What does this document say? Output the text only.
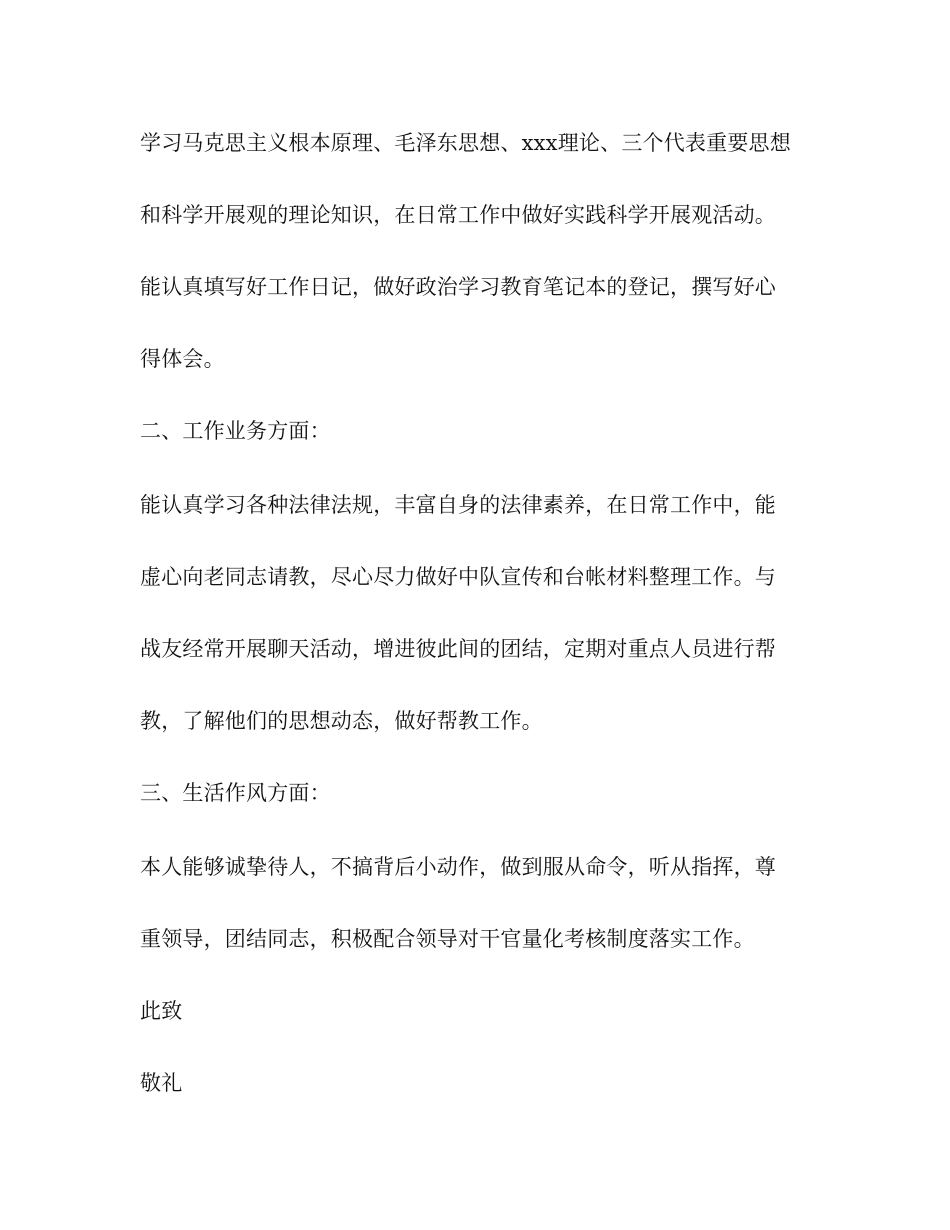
学习马克思主义根本原理、毛泽东思想、xxx理论、三个代表重要思想
和科学开展观的理论知识，在日常工作中做好实践科学开展观活动。
能认真填写好工作日记，做好政治学习教育笔记本的登记，撰写好心
得体会。
二、工作业务方面：
能认真学习各种法律法规，丰富自身的法律素养，在日常工作中，能
虚心向老同志请教，尽心尽力做好中队宣传和台帐材料整理工作。与
战友经常开展聊天活动，增进彼此间的团结，定期对重点人员进行帮
教，了解他们的思想动态，做好帮教工作。
三、生活作风方面：
本人能够诚挚待人，不搞背后小动作，做到服从命令，听从指挥，尊
重领导，团结同志，积极配合领导对干官量化考核制度落实工作。
此致
敬礼
